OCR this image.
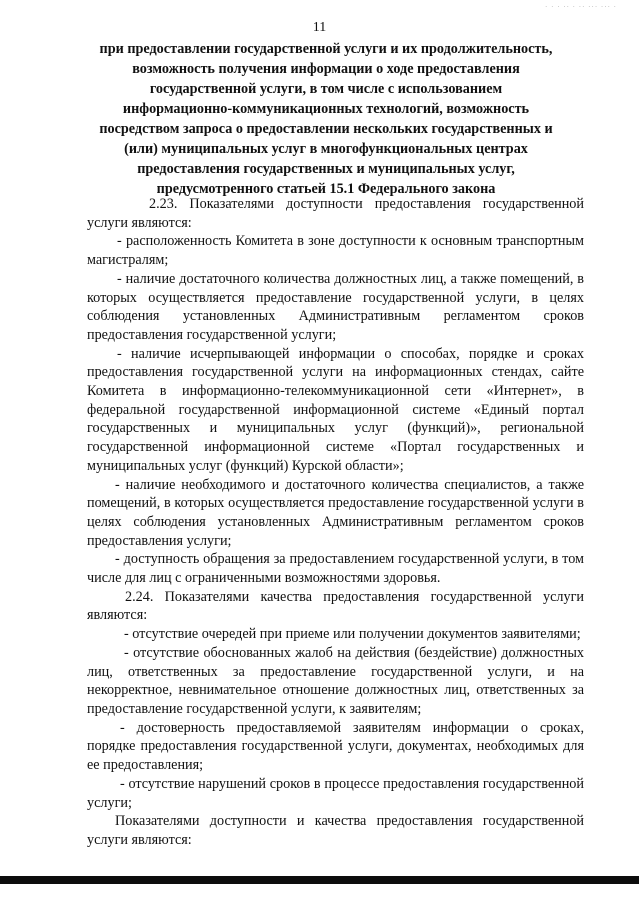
11
· · · ·· · ·· ··· ··· ·
при предоставлении государственной услуги и их продолжительность,
возможность получения информации о ходе предоставления
государственной услуги, в том числе с использованием
информационно-коммуникационных технологий, возможность
посредством запроса о предоставлении нескольких государственных и
(или) муниципальных услуг в многофункциональных центрах
предоставления государственных и муниципальных услуг,
предусмотренного статьей 15.1 Федерального закона

2.23. Показателями доступности предоставления государственной услуги являются:

- расположенность Комитета в зоне доступности к основным транспортным магистралям;

- наличие достаточного количества должностных лиц, а также помещений, в которых осуществляется предоставление государственной услуги, в целях соблюдения установленных Административным регламентом сроков предоставления государственной услуги;

- наличие исчерпывающей информации о способах, порядке и сроках предоставления государственной услуги на информационных стендах, сайте Комитета в информационно-телекоммуникационной сети «Интернет», в федеральной государственной информационной системе «Единый портал государственных и муниципальных услуг (функций)», региональной государственной информационной системе «Портал государственных и муниципальных услуг (функций) Курской области»;

- наличие необходимого и достаточного количества специалистов, а также помещений, в которых осуществляется предоставление государственной услуги в целях соблюдения установленных Административным регламентом сроков предоставления услуги;

- доступность обращения за предоставлением государственной услуги, в том числе для лиц с ограниченными возможностями здоровья.

2.24. Показателями качества предоставления государственной услуги являются:

- отсутствие очередей при приеме или получении документов заявителями;

- отсутствие обоснованных жалоб на действия (бездействие) должностных лиц, ответственных за предоставление государственной услуги, и на некорректное, невнимательное отношение должностных лиц, ответственных за предоставление государственной услуги, к заявителям;

- достоверность предоставляемой заявителям информации о сроках, порядке предоставления государственной услуги, документах, необходимых для ее предоставления;

- отсутствие нарушений сроков в процессе предоставления государственной услуги;

Показателями доступности и качества предоставления государственной услуги являются:
